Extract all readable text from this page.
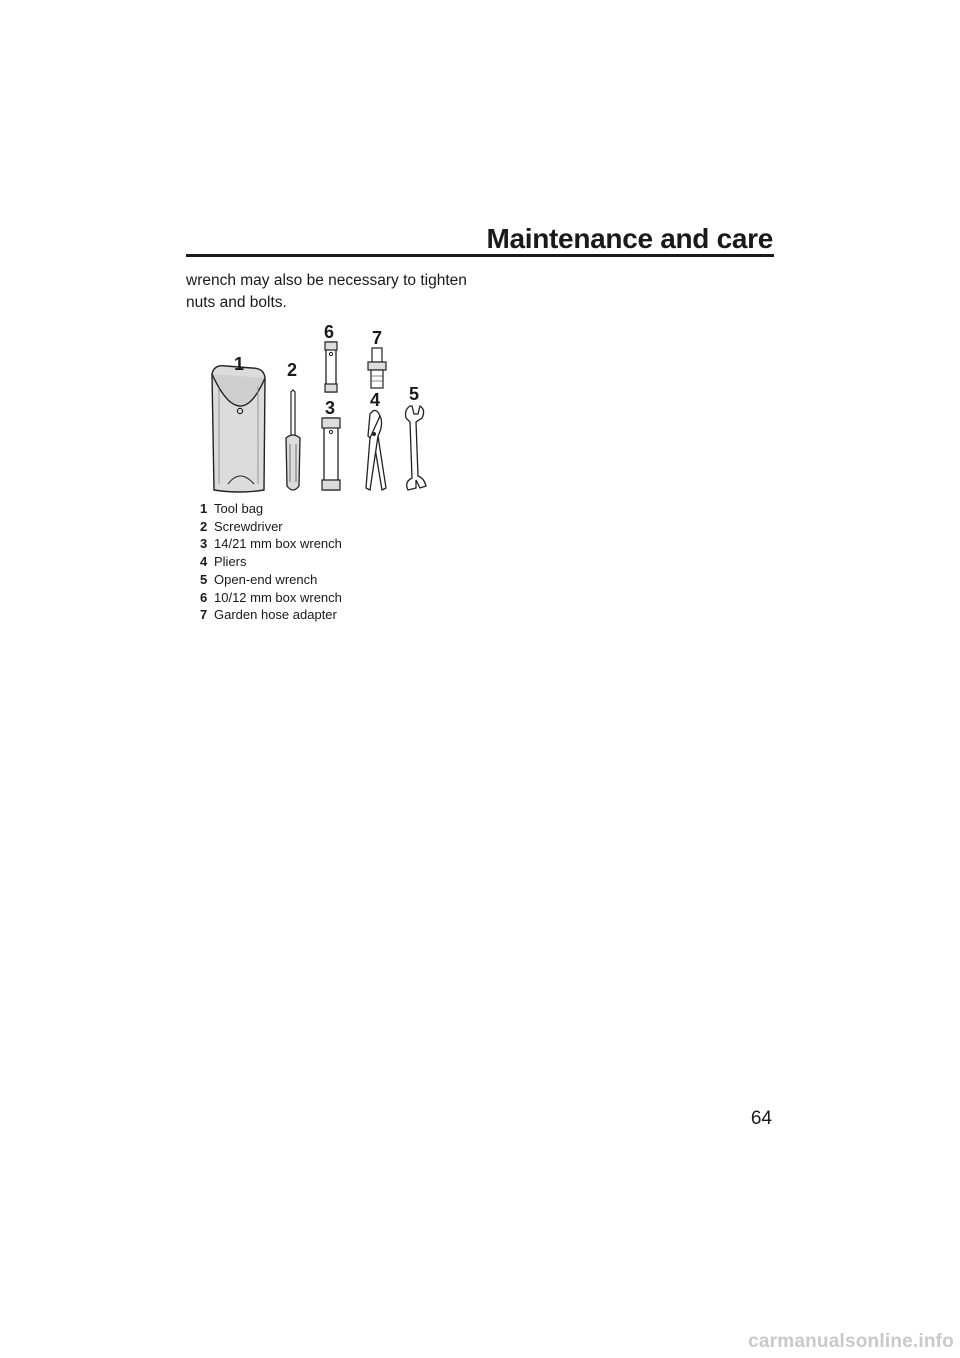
Maintenance and care

wrench may also be necessary to tighten nuts and bolts.

1 2
6
3
7
4 5
1 Tool bag
2 Screwdriver
3 14/21 mm box wrench
4 Pliers
5 Open-end wrench
6 10/12 mm box wrench
7 Garden hose adapter

64

carmanualsonline.info
